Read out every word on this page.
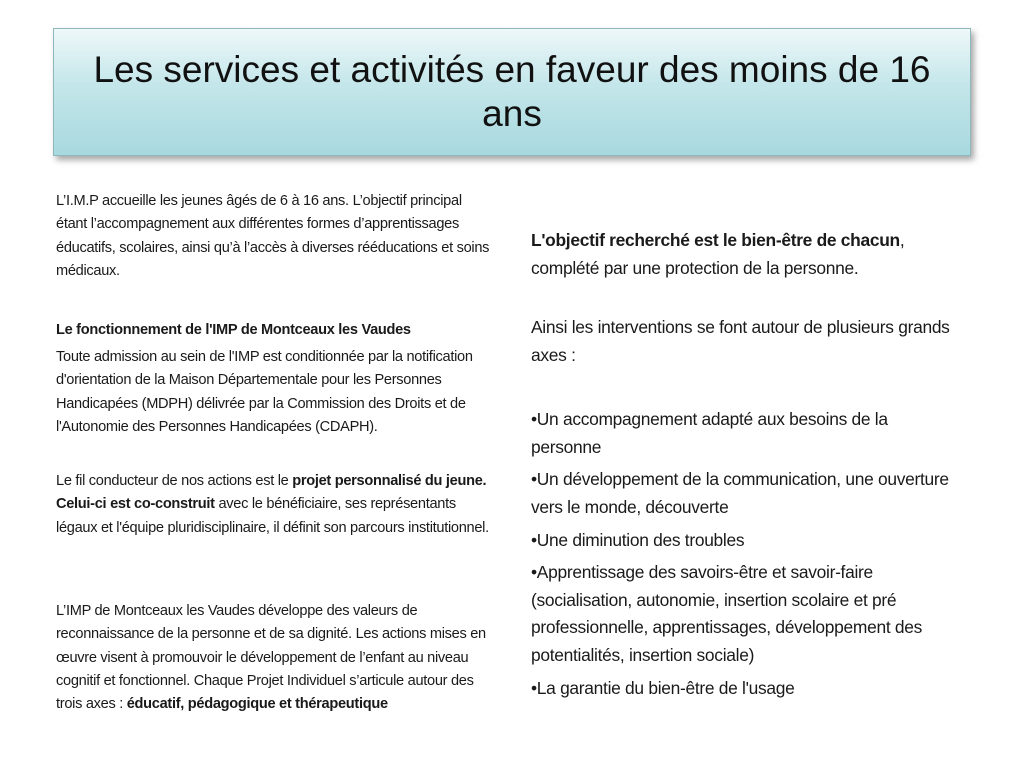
Les services et activités en faveur des moins de 16 ans

L’I.M.P accueille les jeunes âgés de 6 à 16 ans. L’objectif principal étant l’accompagnement aux différentes formes d’apprentissages éducatifs, scolaires, ainsi qu’à l’accès à diverses rééducations et soins médicaux.

Le fonctionnement de l'IMP de Montceaux les Vaudes

Toute admission au sein de l'IMP est conditionnée par la notification d'orientation de la Maison Départementale pour les Personnes Handicapées (MDPH) délivrée par la Commission des Droits et de l'Autonomie des Personnes Handicapées (CDAPH).

Le fil conducteur de nos actions est le projet personnalisé du jeune. Celui-ci est co-construit avec le bénéficiaire, ses représentants légaux et l'équipe pluridisciplinaire, il définit son parcours institutionnel.

L’IMP de Montceaux les Vaudes développe des valeurs de reconnaissance de la personne et de sa dignité. Les actions mises en œuvre visent à promouvoir le développement de l’enfant au niveau cognitif et fonctionnel. Chaque Projet Individuel s’articule autour des trois axes : éducatif, pédagogique et thérapeutique

L'objectif recherché est le bien-être de chacun, complété par une protection de la personne.

Ainsi les interventions se font autour de plusieurs grands axes :

•Un accompagnement adapté aux besoins de la personne

•Un développement de la communication, une ouverture vers le monde, découverte

•Une diminution des troubles

•Apprentissage des savoirs-être et savoir-faire (socialisation, autonomie, insertion scolaire et pré professionnelle, apprentissages, développement des potentialités, insertion sociale)

•La garantie du bien-être de l'usage
